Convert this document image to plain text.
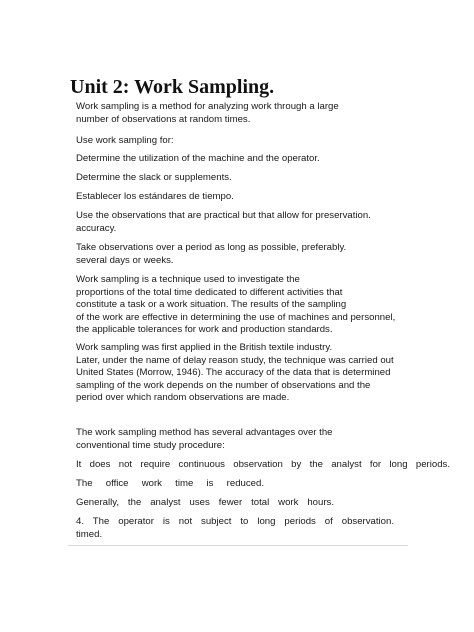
Unit 2: Work Sampling.
Work sampling is a method for analyzing work through a large
number of observations at random times.
Use work sampling for:
Determine the utilization of the machine and the operator.
Determine the slack or supplements.
Establecer los estándares de tiempo.
Use the observations that are practical but that allow for preservation.
accuracy.
Take observations over a period as long as possible, preferably.
several days or weeks.
Work sampling is a technique used to investigate the
proportions of the total time dedicated to different activities that
constitute a task or a work situation. The results of the sampling
of the work are effective in determining the use of machines and personnel,
the applicable tolerances for work and production standards.
Work sampling was first applied in the British textile industry.
Later, under the name of delay reason study, the technique was carried out
United States (Morrow, 1946). The accuracy of the data that is determined
sampling of the work depends on the number of observations and the
period over which random observations are made.
The work sampling method has several advantages over the
conventional time study procedure:
It does not require continuous observation by the analyst for long periods.
The office work time is reduced.
Generally, the analyst uses fewer total work hours.
4. The operator is not subject to long periods of observation.
timed.
